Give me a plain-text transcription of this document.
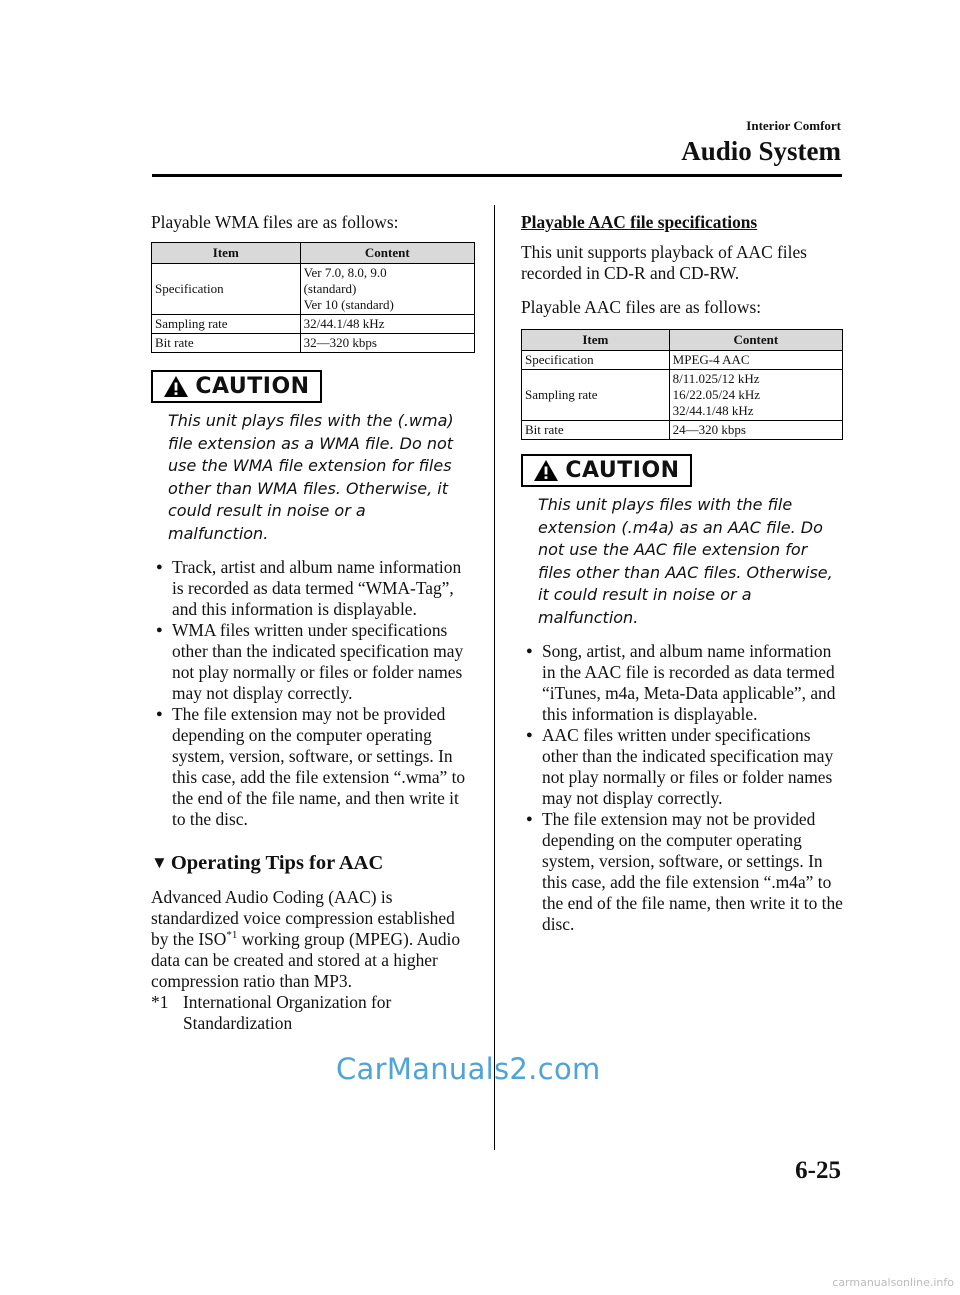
Interior Comfort
Audio System

Playable WMA files are as follows:

Item	Content
Specification	Ver 7.0, 8.0, 9.0
(standard)
Ver 10 (standard)
Sampling rate	32/44.1/48 kHz
Bit rate	32―320 kbps
CAUTION

This unit plays files with the (.wma) file extension as a WMA file. Do not use the WMA file extension for files other than WMA files. Otherwise, it could result in noise or a malfunction.

● Track, artist and album name information is recorded as data termed “WMA-Tag”, and this information is displayable.
● WMA files written under specifications other than the indicated specification may not play normally or files or folder names may not display correctly.
● The file extension may not be provided depending on the computer operating system, version, software, or settings. In this case, add the file extension “.wma” to the end of the file name, and then write it to the disc.
▼ Operating Tips for AAC

Advanced Audio Coding (AAC) is standardized voice compression established by the ISO$^{*1}$ working group (MPEG). Audio data can be created and stored at a higher compression ratio than MP3.

*1 International Organization for Standardization

Playable AAC file specifications

This unit supports playback of AAC files recorded in CD-R and CD-RW.

Playable AAC files are as follows:

Item	Content
Specification	MPEG-4 AAC
Sampling rate	8/11.025/12 kHz
16/22.05/24 kHz
32/44.1/48 kHz
Bit rate	24―320 kbps
CAUTION

This unit plays files with the file extension (.m4a) as an AAC file. Do not use the AAC file extension for files other than AAC files. Otherwise, it could result in noise or a malfunction.

● Song, artist, and album name information in the AAC file is recorded as data termed “iTunes, m4a, Meta-Data applicable”, and this information is displayable.
● AAC files written under specifications other than the indicated specification may not play normally or files or folder names may not display correctly.
● The file extension may not be provided depending on the computer operating system, version, software, or settings. In this case, add the file extension “.m4a” to the end of the file name, then write it to the disc.
CarManuals2.com
6-25
carmanualsonline.info
